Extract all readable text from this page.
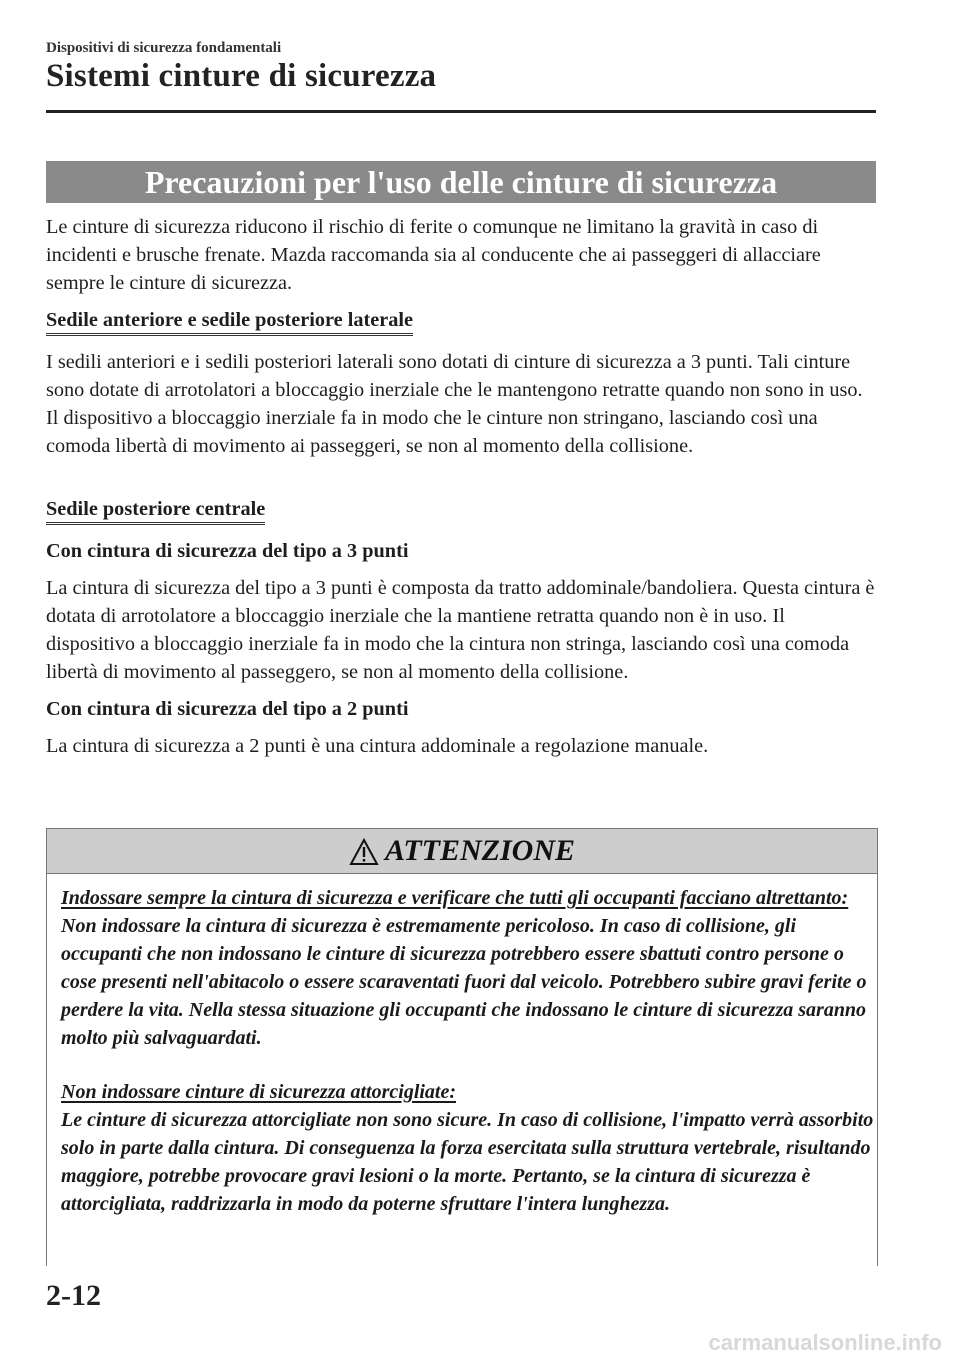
Dispositivi di sicurezza fondamentali
Sistemi cinture di sicurezza
Precauzioni per l'uso delle cinture di sicurezza

Le cinture di sicurezza riducono il rischio di ferite o comunque ne limitano la gravità in caso di incidenti e brusche frenate. Mazda raccomanda sia al conducente che ai passeggeri di allacciare sempre le cinture di sicurezza.

Sedile anteriore e sedile posteriore laterale

I sedili anteriori e i sedili posteriori laterali sono dotati di cinture di sicurezza a 3 punti. Tali cinture sono dotate di arrotolatori a bloccaggio inerziale che le mantengono retratte quando non sono in uso. Il dispositivo a bloccaggio inerziale fa in modo che le cinture non stringano, lasciando così una comoda libertà di movimento ai passeggeri, se non al momento della collisione.

Sedile posteriore centrale

Con cintura di sicurezza del tipo a 3 punti

La cintura di sicurezza del tipo a 3 punti è composta da tratto addominale/bandoliera. Questa cintura è dotata di arrotolatore a bloccaggio inerziale che la mantiene retratta quando non è in uso. Il dispositivo a bloccaggio inerziale fa in modo che la cintura non stringa, lasciando così una comoda libertà di movimento al passeggero, se non al momento della collisione.

Con cintura di sicurezza del tipo a 2 punti

La cintura di sicurezza a 2 punti è una cintura addominale a regolazione manuale.

ATTENZIONE

Indossare sempre la cintura di sicurezza e verificare che tutti gli occupanti facciano altrettanto:

Non indossare la cintura di sicurezza è estremamente pericoloso. In caso di collisione, gli occupanti che non indossano le cinture di sicurezza potrebbero essere sbattuti contro persone o cose presenti nell'abitacolo o essere scaraventati fuori dal veicolo. Potrebbero subire gravi ferite o perdere la vita. Nella stessa situazione gli occupanti che indossano le cinture di sicurezza saranno molto più salvaguardati.

Non indossare cinture di sicurezza attorcigliate:

Le cinture di sicurezza attorcigliate non sono sicure. In caso di collisione, l'impatto verrà assorbito solo in parte dalla cintura. Di conseguenza la forza esercitata sulla struttura vertebrale, risultando maggiore, potrebbe provocare gravi lesioni o la morte. Pertanto, se la cintura di sicurezza è attorcigliata, raddrizzarla in modo da poterne sfruttare l'intera lunghezza.

2-12
carmanualsonline.info
